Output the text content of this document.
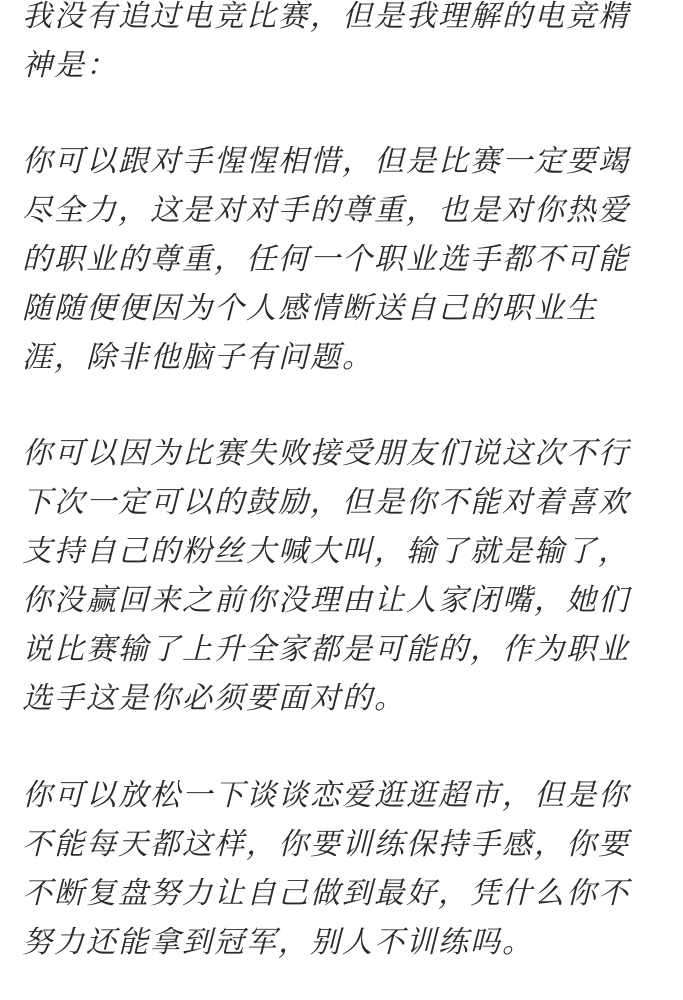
我没有追过电竞比赛，但是我理解的电竞精
神是：
你可以跟对手惺惺相惜，但是比赛一定要竭
尽全力，这是对对手的尊重，也是对你热爱
的职业的尊重，任何一个职业选手都不可能
随随便便因为个人感情断送自己的职业生
涯，除非他脑子有问题。
你可以因为比赛失败接受朋友们说这次不行
下次一定可以的鼓励，但是你不能对着喜欢
支持自己的粉丝大喊大叫，输了就是输了，
你没赢回来之前你没理由让人家闭嘴，她们
说比赛输了上升全家都是可能的，作为职业
选手这是你必须要面对的。
你可以放松一下谈谈恋爱逛逛超市，但是你
不能每天都这样，你要训练保持手感，你要
不断复盘努力让自己做到最好，凭什么你不
努力还能拿到冠军，别人不训练吗。
